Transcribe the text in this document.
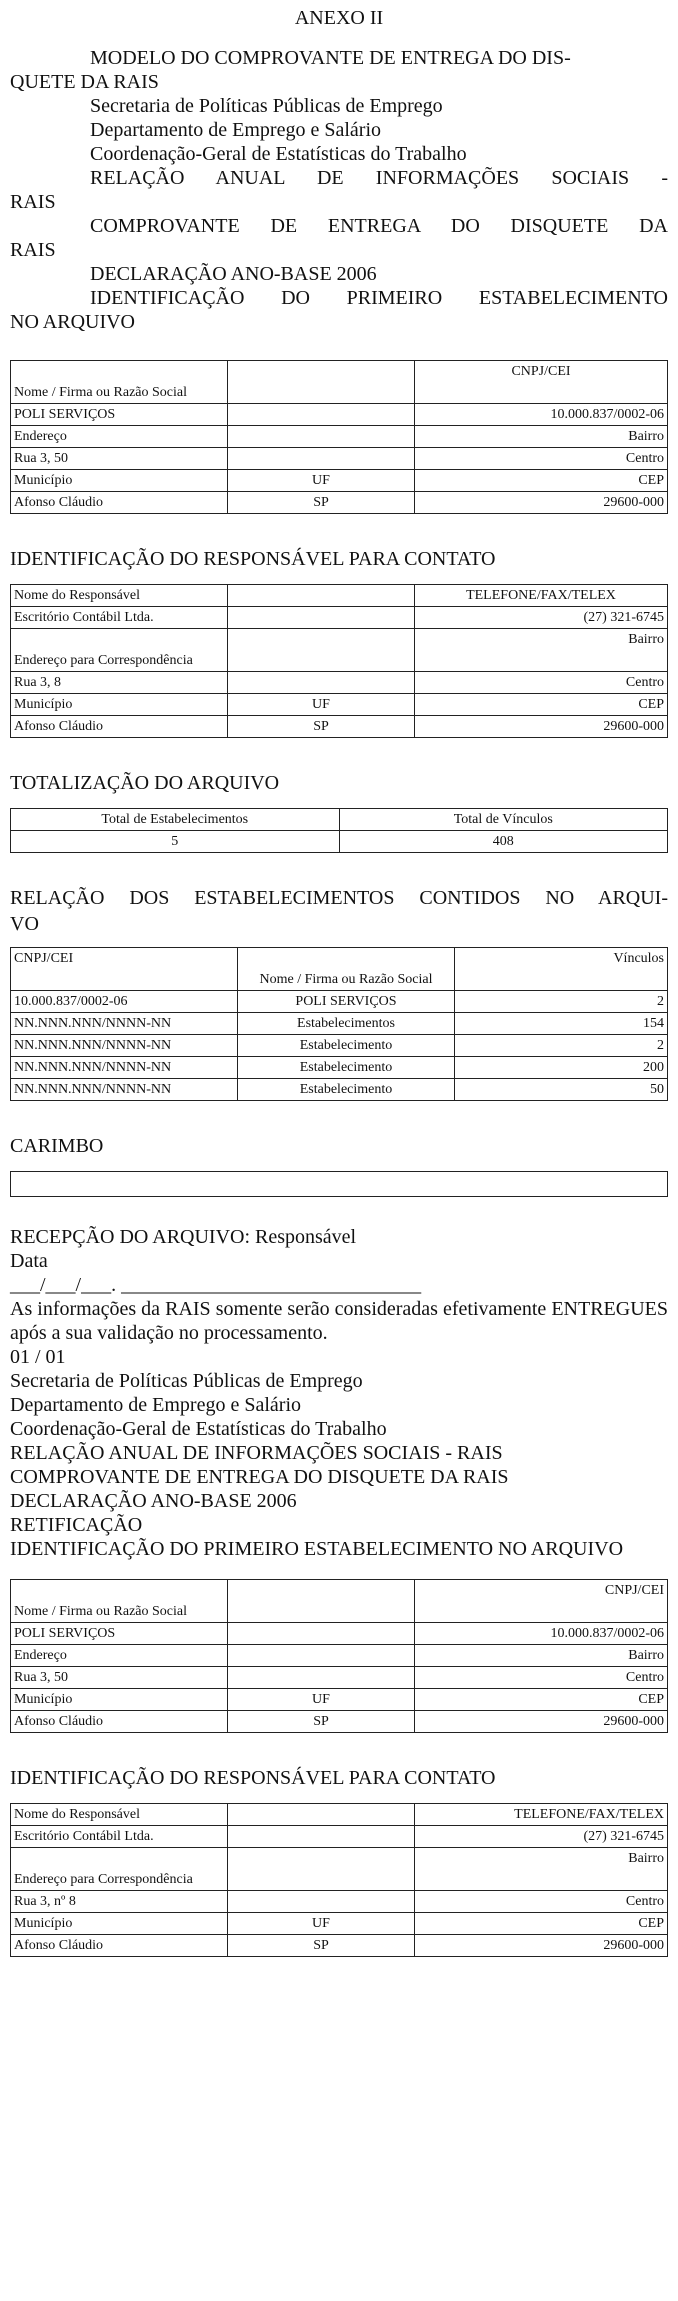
ANEXO II
MODELO DO COMPROVANTE DE ENTREGA DO DIS-
QUETE DA RAIS
Secretaria de Políticas Públicas de Emprego
Departamento de Emprego e Salário
Coordenação-Geral de Estatísticas do Trabalho
RELAÇÃO ANUAL DE INFORMAÇÕES SOCIAIS -
RAIS
COMPROVANTE DE ENTREGA DO DISQUETE DA
RAIS
DECLARAÇÃO ANO-BASE 2006
IDENTIFICAÇÃO DO PRIMEIRO ESTABELECIMENTO
NO ARQUIVO
Nome / Firma ou Razão Social		CNPJ/CEI
POLI SERVIÇOS		10.000.837/0002-06
Endereço		Bairro
Rua 3, 50		Centro
Município	UF	CEP
Afonso Cláudio	SP	29600-000
IDENTIFICAÇÃO DO RESPONSÁVEL PARA CONTATO
Nome do Responsável		TELEFONE/FAX/TELEX
Escritório Contábil Ltda.		(27) 321-6745
Endereço para Correspondência		Bairro
Rua 3, 8		Centro
Município	UF	CEP
Afonso Cláudio	SP	29600-000
TOTALIZAÇÃO DO ARQUIVO
Total de Estabelecimentos	Total de Vínculos
5	408
RELAÇÃO DOS ESTABELECIMENTOS CONTIDOS NO ARQUI-
VO
CNPJ/CEI	Nome / Firma ou Razão Social	Vínculos
10.000.837/0002-06	POLI SERVIÇOS	2
NN.NNN.NNN/NNNN-NN	Estabelecimentos	154
NN.NNN.NNN/NNNN-NN	Estabelecimento	2
NN.NNN.NNN/NNNN-NN	Estabelecimento	200
NN.NNN.NNN/NNNN-NN	Estabelecimento	50
CARIMBO
RECEPÇÃO DO ARQUIVO: Responsável
Data
___/___/___. ______________________________
As informações da RAIS somente serão consideradas efetivamente ENTREGUES após a sua validação no processamento.
01 / 01
Secretaria de Políticas Públicas de Emprego
Departamento de Emprego e Salário
Coordenação-Geral de Estatísticas do Trabalho
RELAÇÃO ANUAL DE INFORMAÇÕES SOCIAIS - RAIS
COMPROVANTE DE ENTREGA DO DISQUETE DA RAIS
DECLARAÇÃO ANO-BASE 2006
RETIFICAÇÃO
IDENTIFICAÇÃO DO PRIMEIRO ESTABELECIMENTO NO ARQUIVO
Nome / Firma ou Razão Social		CNPJ/CEI
POLI SERVIÇOS		10.000.837/0002-06
Endereço		Bairro
Rua 3, 50		Centro
Município	UF	CEP
Afonso Cláudio	SP	29600-000
IDENTIFICAÇÃO DO RESPONSÁVEL PARA CONTATO
Nome do Responsável		TELEFONE/FAX/TELEX
Escritório Contábil Ltda.		(27) 321-6745
Endereço para Correspondência		Bairro
Rua 3, nº 8		Centro
Município	UF	CEP
Afonso Cláudio	SP	29600-000
